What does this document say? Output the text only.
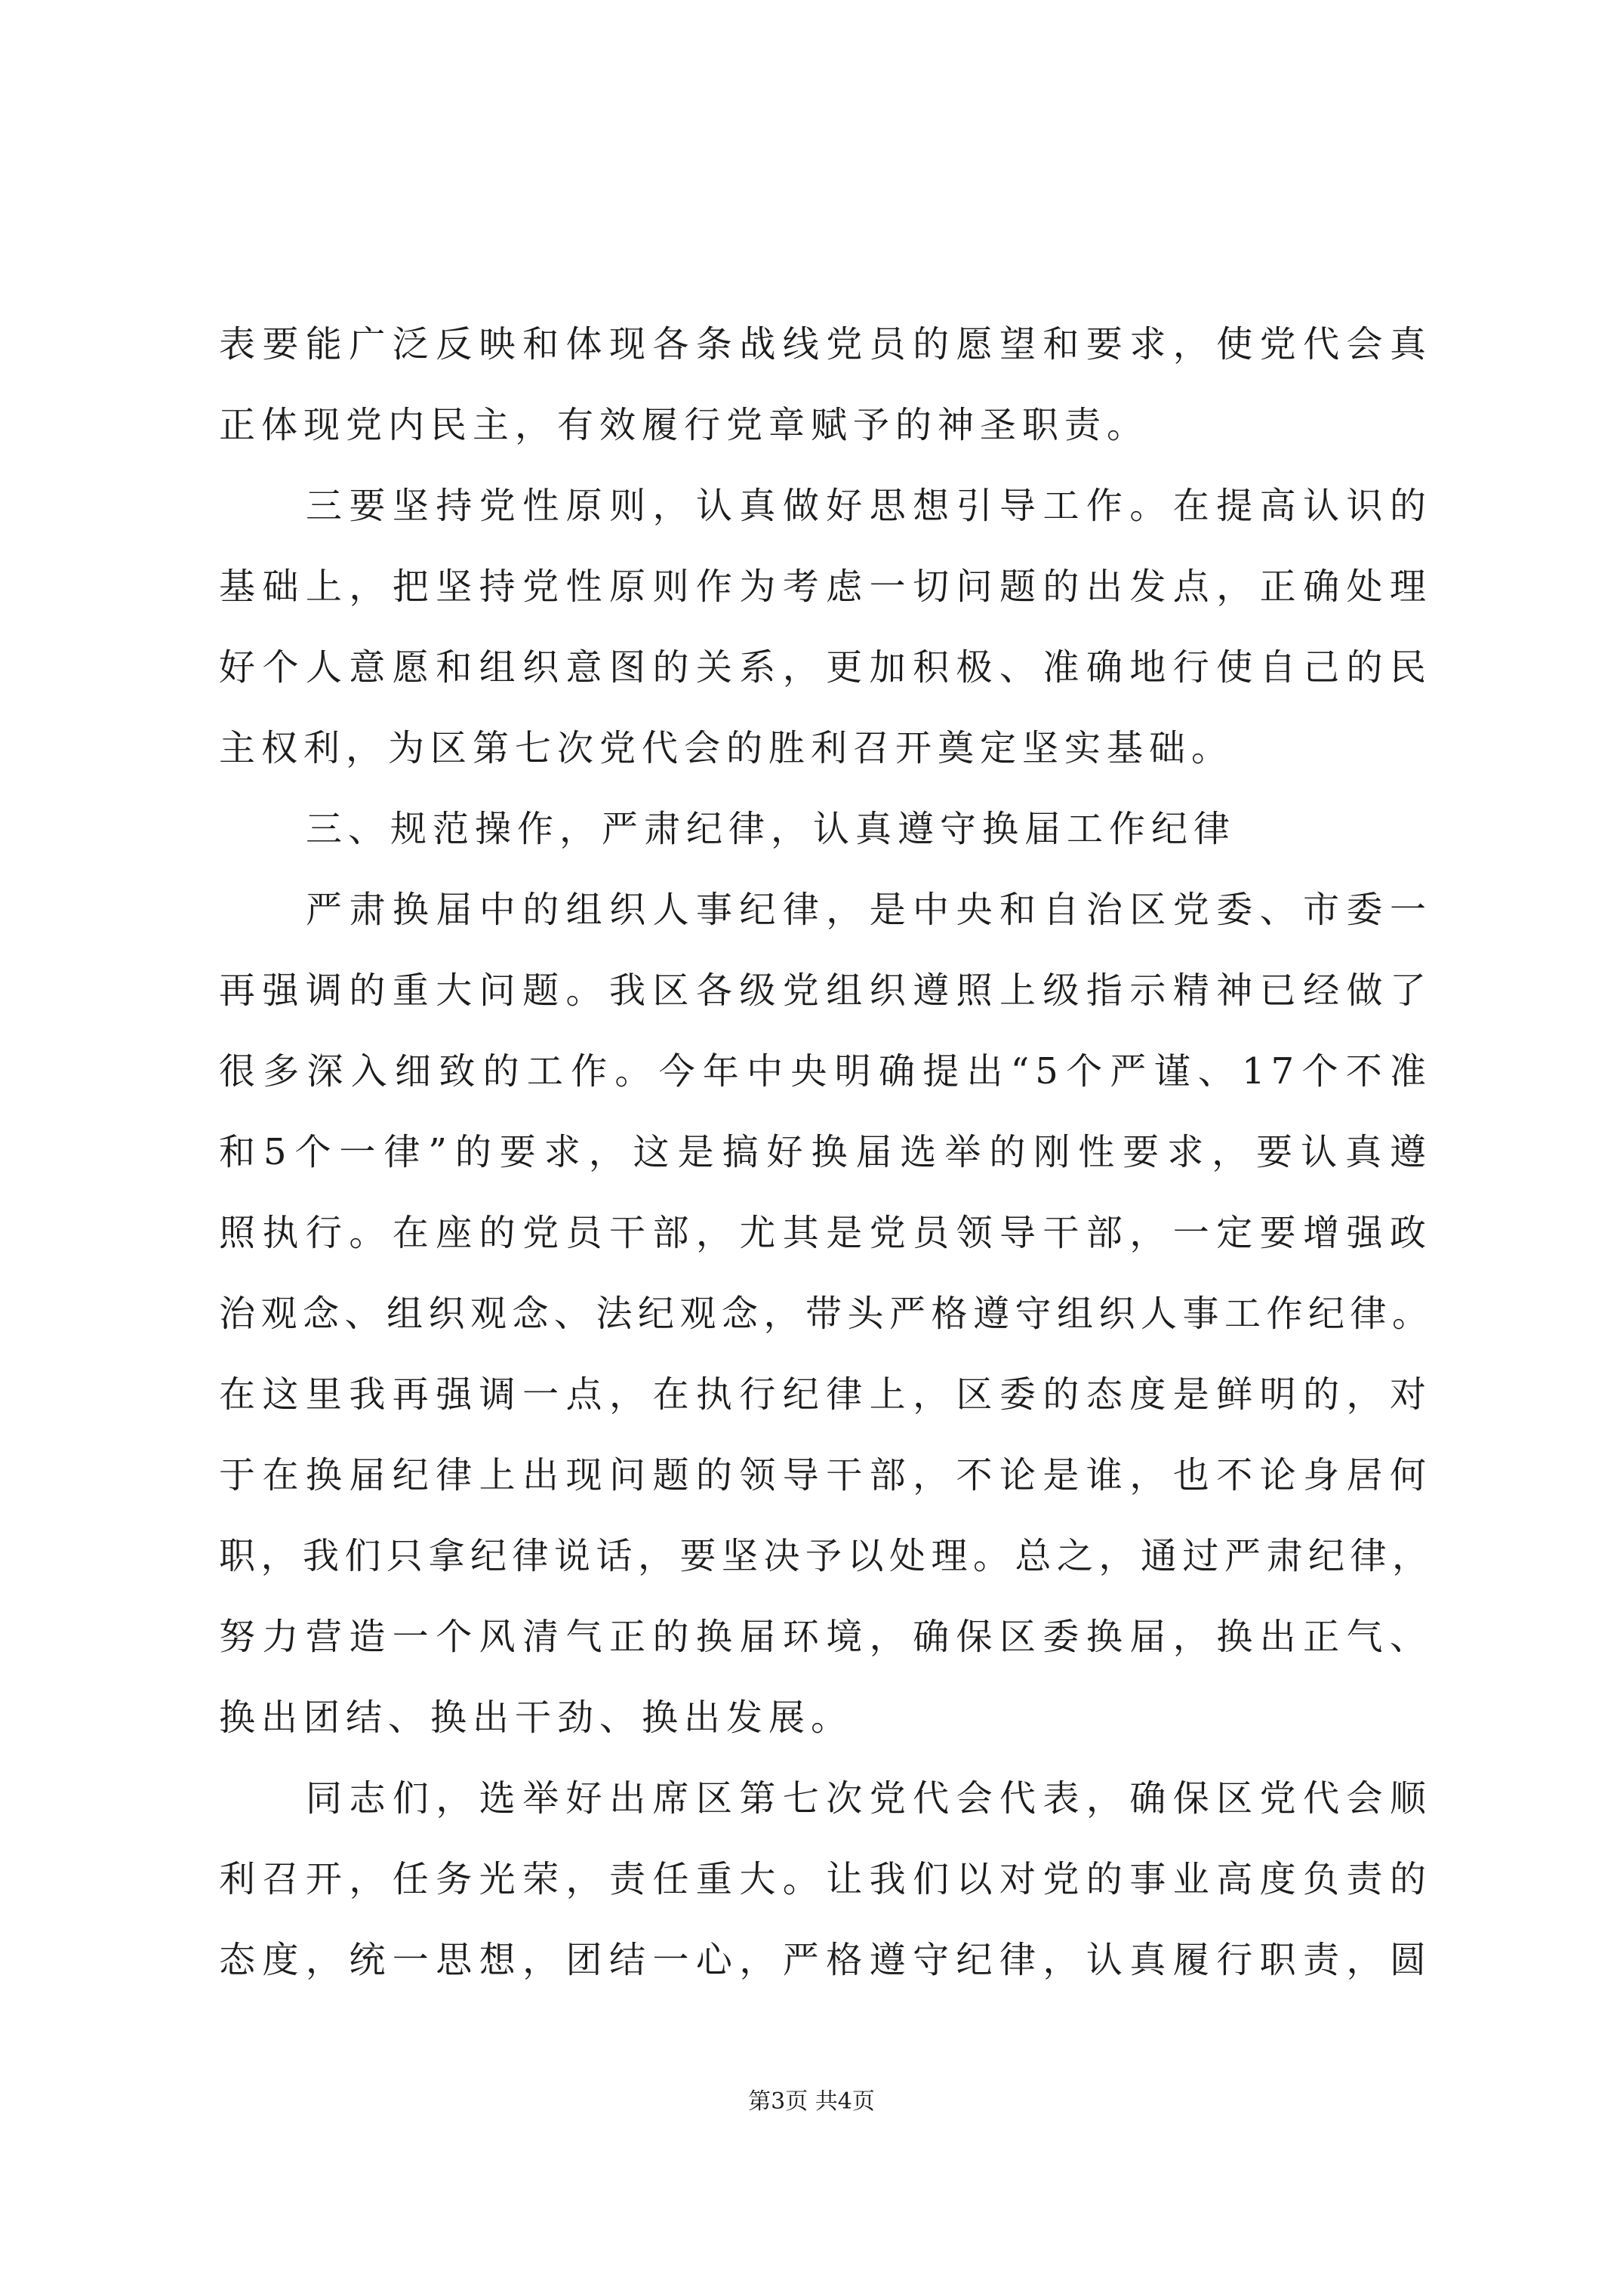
表要能广泛反映和体现各条战线党员的愿望和要求，使党代会真
正体现党内民主，有效履行党章赋予的神圣职责。
三要坚持党性原则，认真做好思想引导工作。在提高认识的
基础上，把坚持党性原则作为考虑一切问题的出发点，正确处理
好个人意愿和组织意图的关系，更加积极、准确地行使自己的民
主权利，为区第七次党代会的胜利召开奠定坚实基础。
三、规范操作，严肃纪律，认真遵守换届工作纪律
严肃换届中的组织人事纪律，是中央和自治区党委、市委一
再强调的重大问题。我区各级党组织遵照上级指示精神已经做了
很多深入细致的工作。今年中央明确提出“5个严谨、17个不准
和5个一律”的要求，这是搞好换届选举的刚性要求，要认真遵
照执行。在座的党员干部，尤其是党员领导干部，一定要增强政
治观念、组织观念、法纪观念，带头严格遵守组织人事工作纪律。
在这里我再强调一点，在执行纪律上，区委的态度是鲜明的，对
于在换届纪律上出现问题的领导干部，不论是谁，也不论身居何
职，我们只拿纪律说话，要坚决予以处理。总之，通过严肃纪律，
努力营造一个风清气正的换届环境，确保区委换届，换出正气、
换出团结、换出干劲、换出发展。
同志们，选举好出席区第七次党代会代表，确保区党代会顺
利召开，任务光荣，责任重大。让我们以对党的事业高度负责的
态度，统一思想，团结一心，严格遵守纪律，认真履行职责，圆
第3页 共4页
